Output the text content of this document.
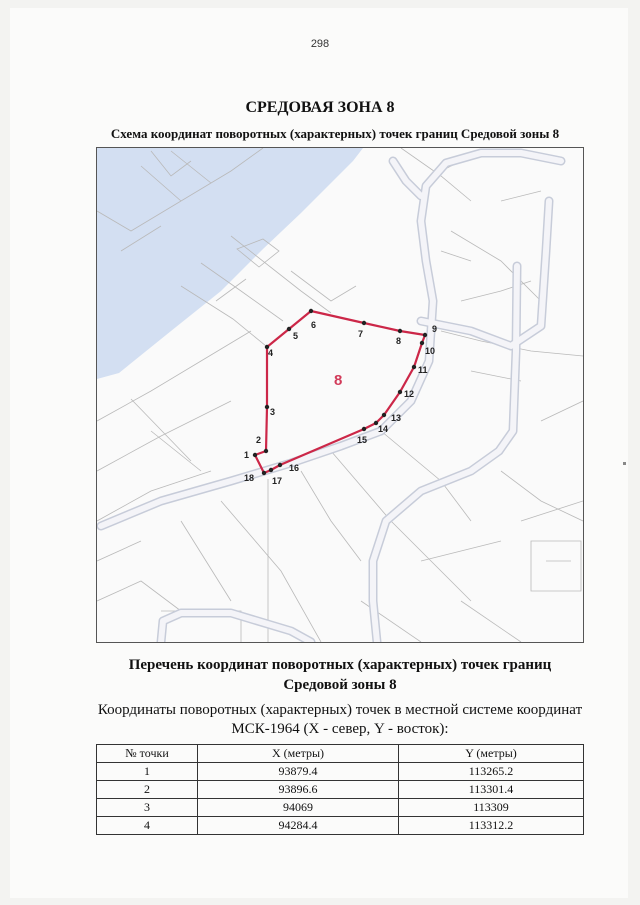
298
СРЕДОВАЯ ЗОНА 8
Схема координат поворотных (характерных) точек границ Средовой зоны 8
1
2
3
4
5
6
7
8
9
10
11
12
13
14
15
16
17
18
8
Перечень координат поворотных (характерных) точек границ Средовой зоны 8
Координаты поворотных (характерных) точек в местной системе координат МСК-1964 (X - север, Y - восток):
№ точки	X (метры)	Y (метры)
1	93879.4	113265.2
2	93896.6	113301.4
3	94069	113309
4	94284.4	113312.2
